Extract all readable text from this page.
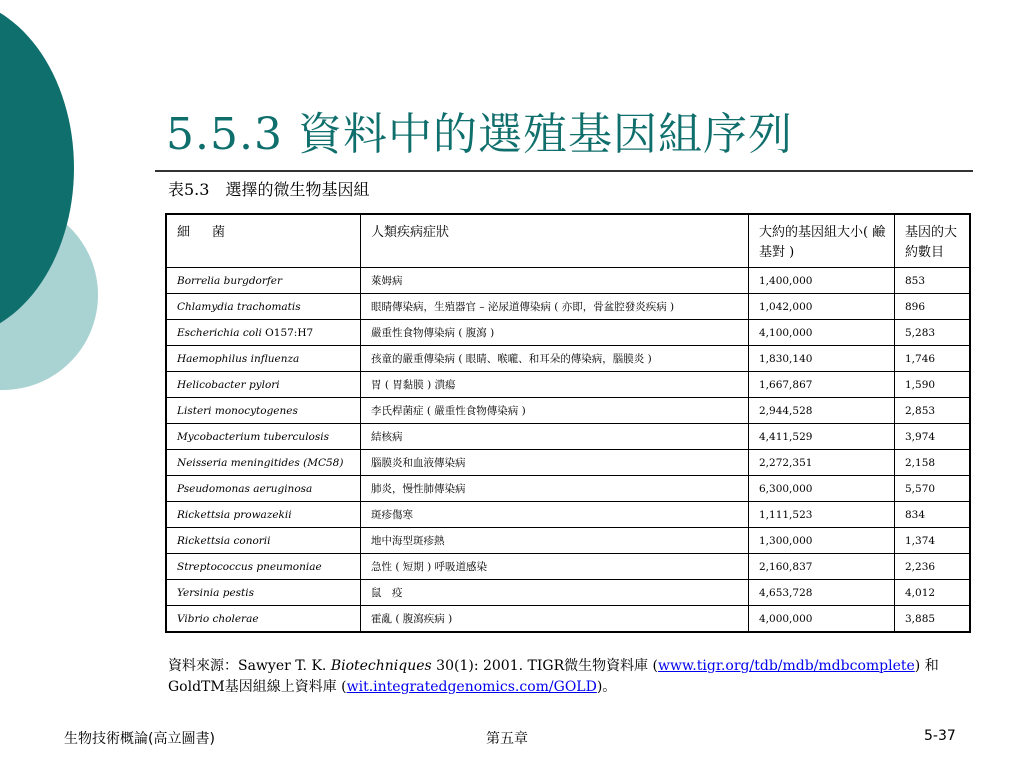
5.5.3 資料中的選殖基因組序列
表5.3　選擇的微生物基因組
細 菌	人類疾病症狀	大約的基因組大小( 鹼基對 )	基因的大約數目
Borrelia burgdorfer	萊姆病	1,400,000	853
Chlamydia trachomatis	眼睛傳染病，生殖器官 – 泌尿道傳染病 ( 亦即，骨盆腔發炎疾病 )	1,042,000	896
Escherichia coli O157:H7	嚴重性食物傳染病 ( 腹瀉 )	4,100,000	5,283
Haemophilus influenza	孩童的嚴重傳染病 ( 眼睛、喉嚨、和耳朵的傳染病，腦膜炎 )	1,830,140	1,746
Helicobacter pylori	胃 ( 胃黏膜 ) 潰瘍	1,667,867	1,590
Listeri monocytogenes	李氏桿菌症 ( 嚴重性食物傳染病 )	2,944,528	2,853
Mycobacterium tuberculosis	結核病	4,411,529	3,974
Neisseria meningitides (MC58)	腦膜炎和血液傳染病	2,272,351	2,158
Pseudomonas aeruginosa	肺炎，慢性肺傳染病	6,300,000	5,570
Rickettsia prowazekii	斑疹傷寒	1,111,523	834
Rickettsia conorii	地中海型斑疹熱	1,300,000	1,374
Streptococcus pneumoniae	急性 ( 短期 ) 呼吸道感染	2,160,837	2,236
Yersinia pestis	鼠　疫	4,653,728	4,012
Vibrio cholerae	霍亂 ( 腹瀉疾病 )	4,000,000	3,885
資料來源：Sawyer T. K. Biotechniques 30(1): 2001. TIGR微生物資料庫 (www.tigr.org/tdb/mdb/mdbcomplete) 和 GoldTM基因組線上資料庫 (wit.integratedgenomics.com/GOLD)。
生物技術概論(高立圖書)	第五章	5-37
